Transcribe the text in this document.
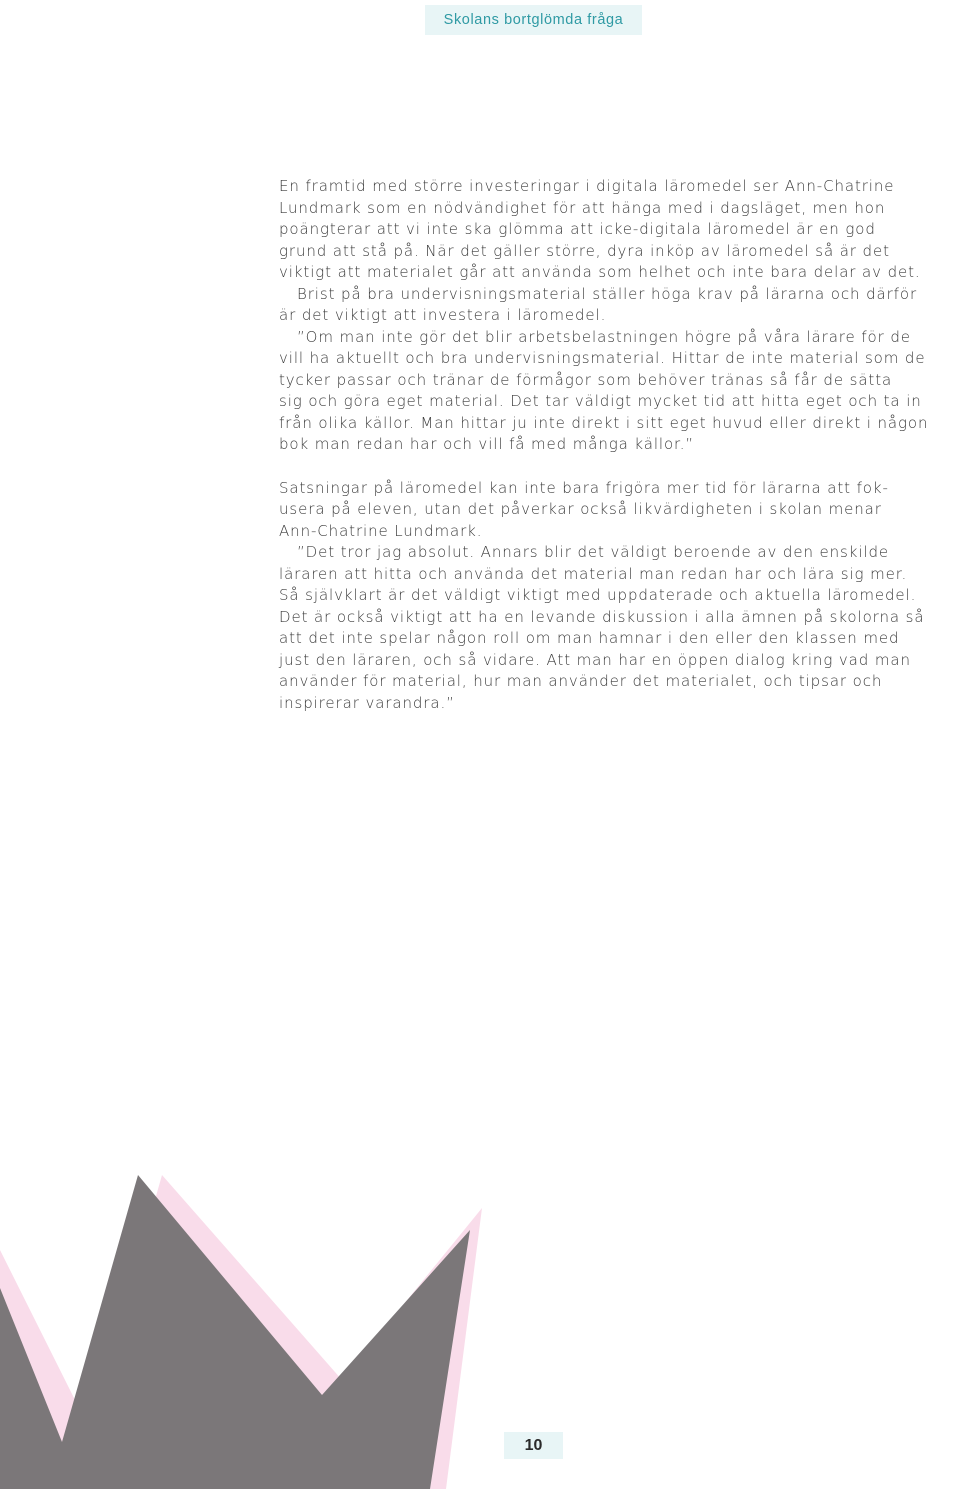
Skolans bortglömda fråga
En framtid med större investeringar i digitala läromedel ser Ann-Chatrine
Lundmark som en nödvändighet för att hänga med i dagsläget, men hon
poängterar att vi inte ska glömma att icke-digitala läromedel är en god
grund att stå på. När det gäller större, dyra inköp av läromedel så är det
viktigt att materialet går att använda som helhet och inte bara delar av det.
Brist på bra undervisningsmaterial ställer höga krav på lärarna och därför
är det viktigt att investera i läromedel.
”Om man inte gör det blir arbetsbelastningen högre på våra lärare för de
vill ha aktuellt och bra undervisningsmaterial. Hittar de inte material som de
tycker passar och tränar de förmågor som behöver tränas så får de sätta
sig och göra eget material. Det tar väldigt mycket tid att hitta eget och ta in
från olika källor. Man hittar ju inte direkt i sitt eget huvud eller direkt i någon
bok man redan har och vill få med många källor.”
Satsningar på läromedel kan inte bara frigöra mer tid för lärarna att fok-
usera på eleven, utan det påverkar också likvärdigheten i skolan menar
Ann-Chatrine Lundmark.
”Det tror jag absolut. Annars blir det väldigt beroende av den enskilde
läraren att hitta och använda det material man redan har och lära sig mer.
Så självklart är det väldigt viktigt med uppdaterade och aktuella läromedel.
Det är också viktigt att ha en levande diskussion i alla ämnen på skolorna så
att det inte spelar någon roll om man hamnar i den eller den klassen med
just den läraren, och så vidare. Att man har en öppen dialog kring vad man
använder för material, hur man använder det materialet, och tipsar och
inspirerar varandra.”
10
